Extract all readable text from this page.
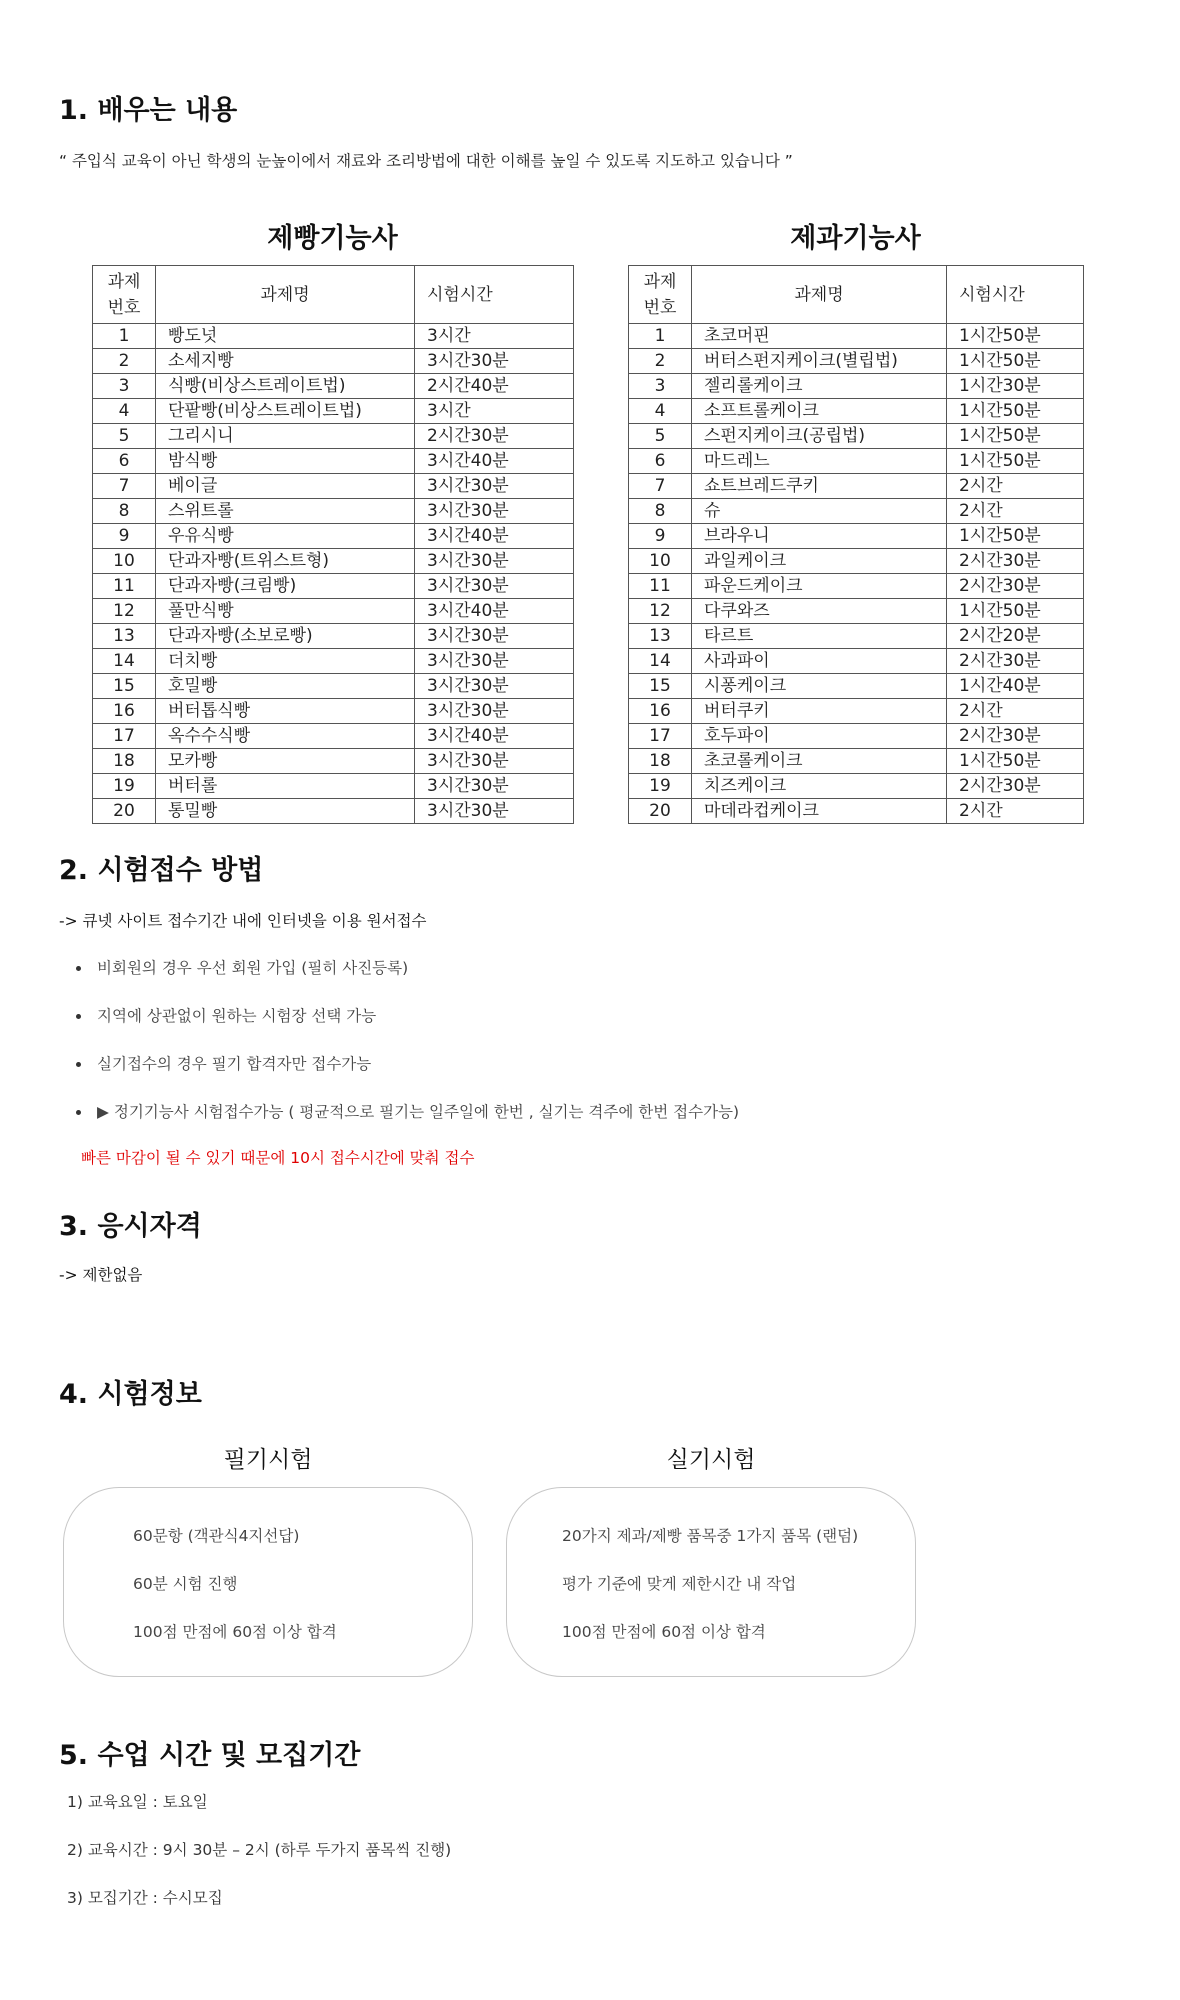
1. 배우는 내용
“ 주입식 교육이 아닌 학생의 눈높이에서 재료와 조리방법에 대한 이해를 높일 수 있도록 지도하고 있습니다 ”
제빵기능사
과제
번호	과제명	시험시간
1	빵도넛	3시간
2	소세지빵	3시간30분
3	식빵(비상스트레이트법)	2시간40분
4	단팥빵(비상스트레이트법)	3시간
5	그리시니	2시간30분
6	밤식빵	3시간40분
7	베이글	3시간30분
8	스위트롤	3시간30분
9	우유식빵	3시간40분
10	단과자빵(트위스트형)	3시간30분
11	단과자빵(크림빵)	3시간30분
12	풀만식빵	3시간40분
13	단과자빵(소보로빵)	3시간30분
14	더치빵	3시간30분
15	호밀빵	3시간30분
16	버터톱식빵	3시간30분
17	옥수수식빵	3시간40분
18	모카빵	3시간30분
19	버터롤	3시간30분
20	통밀빵	3시간30분
제과기능사
과제
번호	과제명	시험시간
1	초코머핀	1시간50분
2	버터스펀지케이크(별립법)	1시간50분
3	젤리롤케이크	1시간30분
4	소프트롤케이크	1시간50분
5	스펀지케이크(공립법)	1시간50분
6	마드레느	1시간50분
7	쇼트브레드쿠키	2시간
8	슈	2시간
9	브라우니	1시간50분
10	과일케이크	2시간30분
11	파운드케이크	2시간30분
12	다쿠와즈	1시간50분
13	타르트	2시간20분
14	사과파이	2시간30분
15	시퐁케이크	1시간40분
16	버터쿠키	2시간
17	호두파이	2시간30분
18	초코롤케이크	1시간50분
19	치즈케이크	2시간30분
20	마데라컵케이크	2시간
2. 시험접수 방법
-> 큐넷 사이트 접수기간 내에 인터넷을 이용 원서접수
비회원의 경우 우선 회원 가입 (필히 사진등록)
지역에 상관없이 원하는 시험장 선택 가능
실기접수의 경우 필기 합격자만 접수가능
▶ 정기기능사 시험접수가능 ( 평균적으로 필기는 일주일에 한번 , 실기는 격주에 한번 접수가능)
빠른 마감이 될 수 있기 때문에 10시 접수시간에 맞춰 접수
3. 응시자격
-> 제한없음
4. 시험정보
필기시험
60문항 (객관식4지선답)
60분 시험 진행
100점 만점에 60점 이상 합격
실기시험
20가지 제과/제빵 품목중 1가지 품목 (랜덤)
평가 기준에 맞게 제한시간 내 작업
100점 만점에 60점 이상 합격
5. 수업 시간 및 모집기간
1) 교육요일 : 토요일
2) 교육시간 : 9시 30분 – 2시 (하루 두가지 품목씩 진행)
3) 모집기간 : 수시모집
